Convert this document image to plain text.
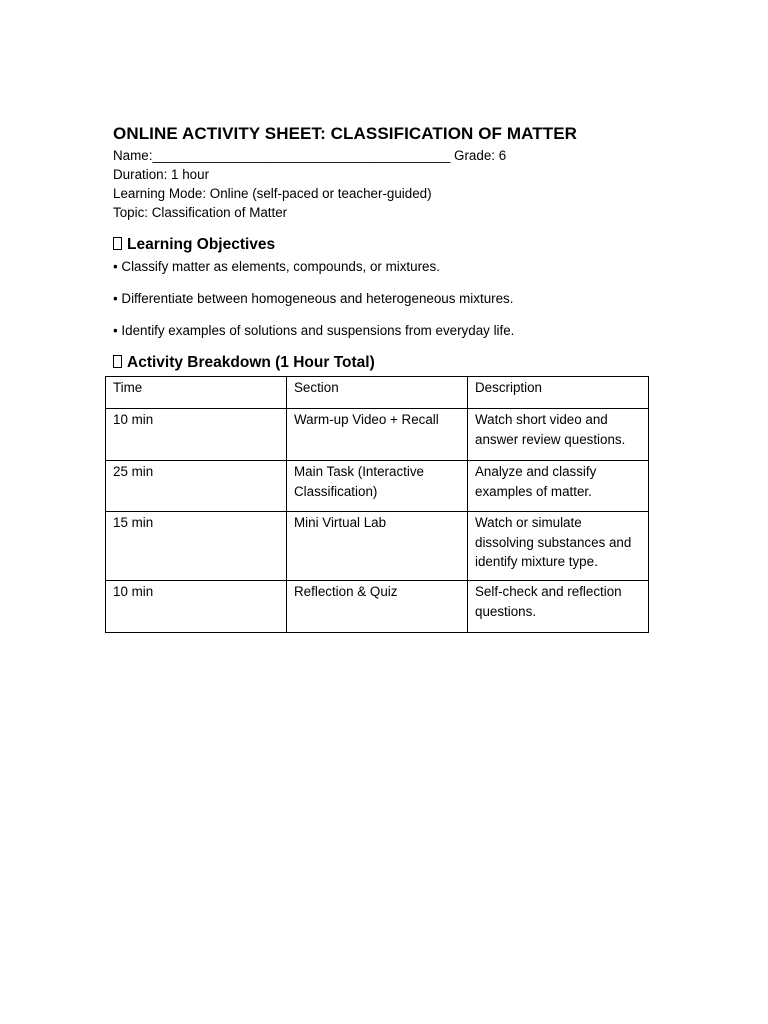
ONLINE ACTIVITY SHEET: CLASSIFICATION OF MATTER
Name:________________________________________ Grade: 6
Duration: 1 hour
Learning Mode: Online (self-paced or teacher-guided)
Topic: Classification of Matter
Learning Objectives
• Classify matter as elements, compounds, or mixtures.
• Differentiate between homogeneous and heterogeneous mixtures.
• Identify examples of solutions and suspensions from everyday life.
Activity Breakdown (1 Hour Total)
Time	Section	Description
10 min	Warm-up Video + Recall	Watch short video and answer review questions.
25 min	Main Task (Interactive Classification)	Analyze and classify examples of matter.
15 min	Mini Virtual Lab	Watch or simulate dissolving substances and identify mixture type.
10 min	Reflection & Quiz	Self-check and reflection questions.
